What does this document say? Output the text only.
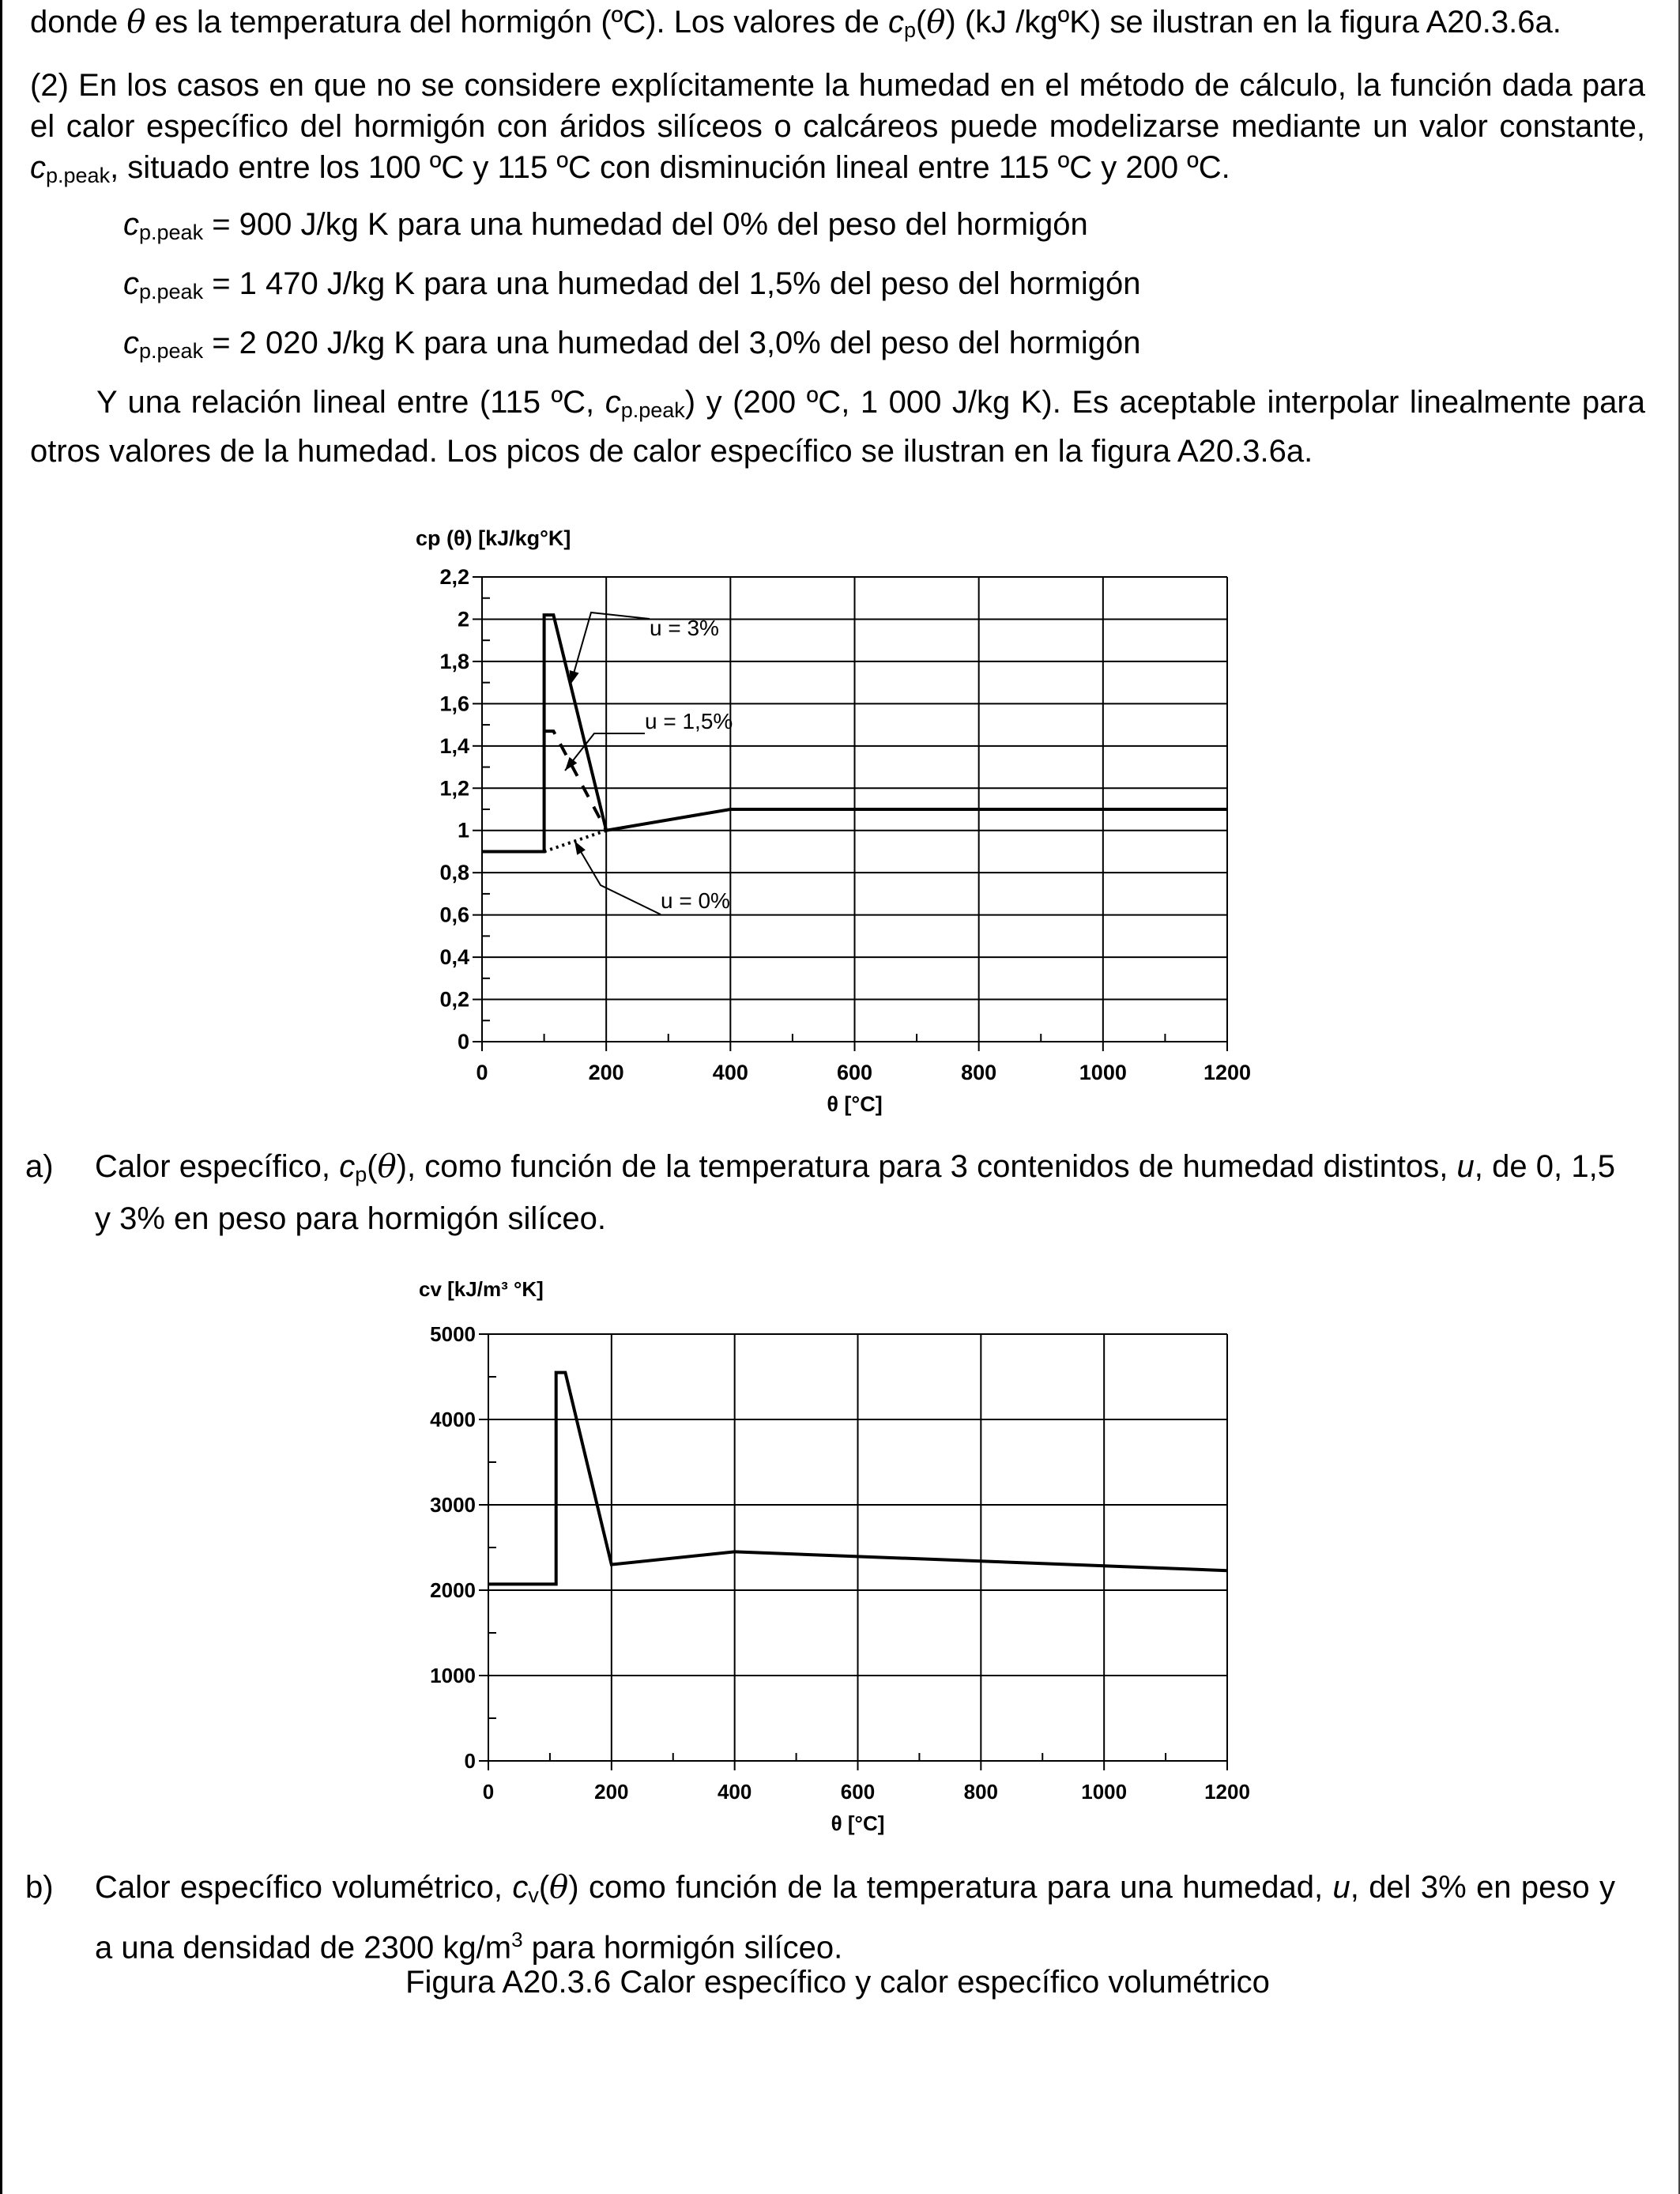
donde θ es la temperatura del hormigón (ºC). Los valores de $c_p(\theta)$ (kJ /kgºK) se ilustran en la figura A20.3.6a.

(2) En los casos en que no se considere explícitamente la humedad en el método de cálculo, la función dada para el calor específico del hormigón con áridos silíceos o calcáreos puede modelizarse mediante un valor constante, $c_{p.peak}$, situado entre los 100 ºC y 115 ºC con disminución lineal entre 115 ºC y 200 ºC.

$c_{p.peak} = 900$ J/kg K para una humedad del 0% del peso del hormigón
$c_{p.peak} = 1$ 470 J/kg K para una humedad del 1,5% del peso del hormigón
$c_{p.peak} = 2$ 020 J/kg K para una humedad del 3,0% del peso del hormigón

Y una relación lineal entre (115 ºC, $c_{p.peak}$) y (200 ºC, 1 000 J/kg K). Es aceptable interpolar linealmente para otros valores de la humedad. Los picos de calor específico se ilustran en la figura A20.3.6a.

0
0,2
0,4
0,6
0,8
1
1,2
1,4
1,6
1,8
2
2,2
0	200	400	600	800	1000	1200
cp (θ) [kJ/kg°K]
θ [°C]
u = 3%
u = 1,5%
u = 0%
a) Calor específico, $c_p(\theta)$, como función de la temperatura para 3 contenidos de humedad distintos, u, de 0, 1,5 y 3% en peso para hormigón silíceo.
0
1000
2000
3000
4000
5000
0	200	400	600	800	1000	1200
cv [kJ/m³ °K]
θ [°C]
b) Calor específico volumétrico, $c_v(\theta)$ como función de la temperatura para una humedad, u, del 3% en peso y a una densidad de 2300 $kg/m^3$ para hormigón silíceo.
Figura A20.3.6 Calor específico y calor específico volumétrico
